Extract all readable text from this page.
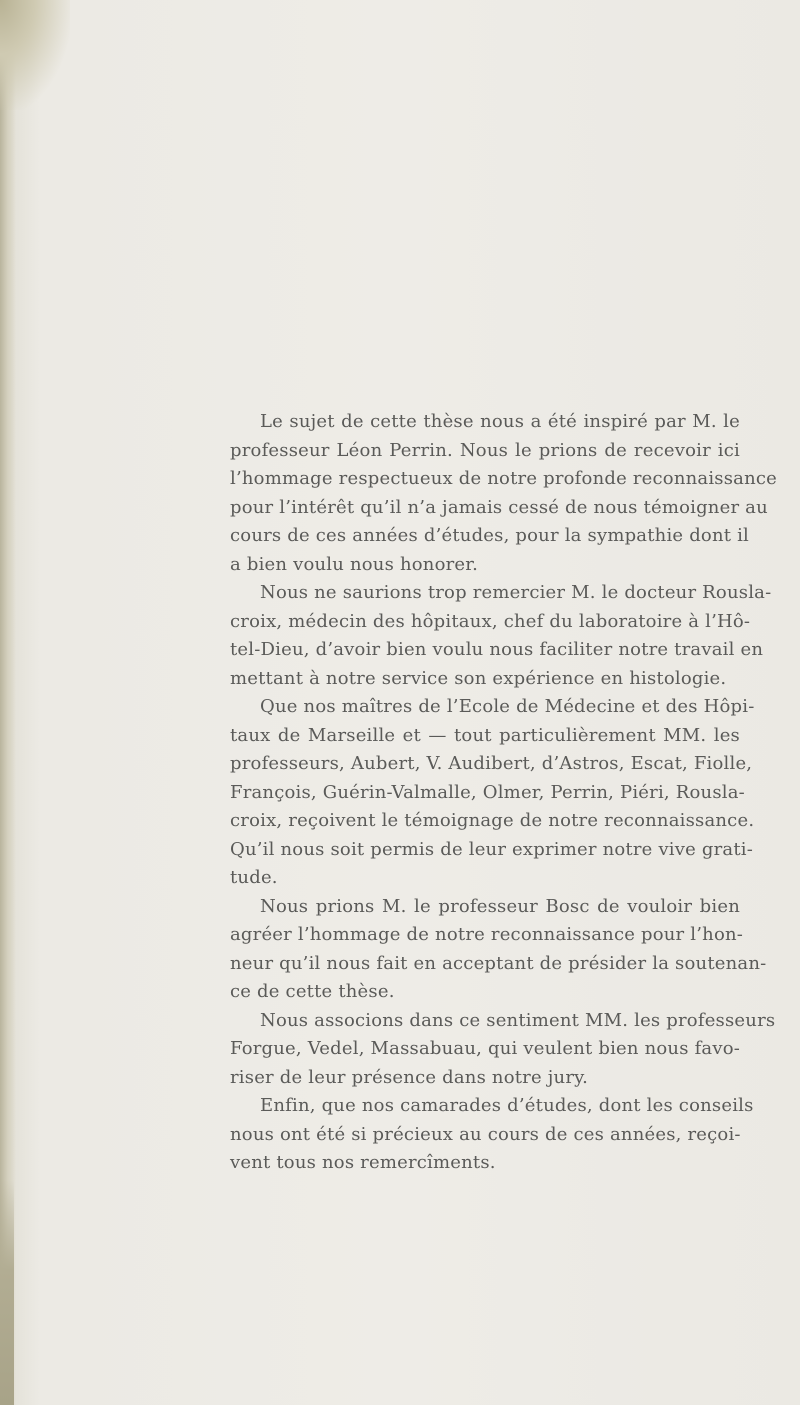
Le sujet de cette thèse nous a été inspiré par M. le
professeur Léon Perrin. Nous le prions de recevoir ici
l’hommage respectueux de notre profonde reconnaissance
pour l’intérêt qu’il n’a jamais cessé de nous témoigner au
cours de ces années d’études, pour la sympathie dont il
a bien voulu nous honorer.
Nous ne saurions trop remercier M. le docteur Rousla-
croix, médecin des hôpitaux, chef du laboratoire à l’Hô-
tel-Dieu, d’avoir bien voulu nous faciliter notre travail en
mettant à notre service son expérience en histologie.
Que nos maîtres de l’Ecole de Médecine et des Hôpi-
taux de Marseille et — tout particulièrement MM. les
professeurs, Aubert, V. Audibert, d’Astros, Escat, Fiolle,
François, Guérin-Valmalle, Olmer, Perrin, Piéri, Rousla-
croix, reçoivent le témoignage de notre reconnaissance.
Qu’il nous soit permis de leur exprimer notre vive grati-
tude.
Nous prions M. le professeur Bosc de vouloir bien
agréer l’hommage de notre reconnaissance pour l’hon-
neur qu’il nous fait en acceptant de présider la soutenan-
ce de cette thèse.
Nous associons dans ce sentiment MM. les professeurs
Forgue, Vedel, Massabuau, qui veulent bien nous favo-
riser de leur présence dans notre jury.
Enfin, que nos camarades d’études, dont les conseils
nous ont été si précieux au cours de ces années, reçoi-
vent tous nos remercîments.
